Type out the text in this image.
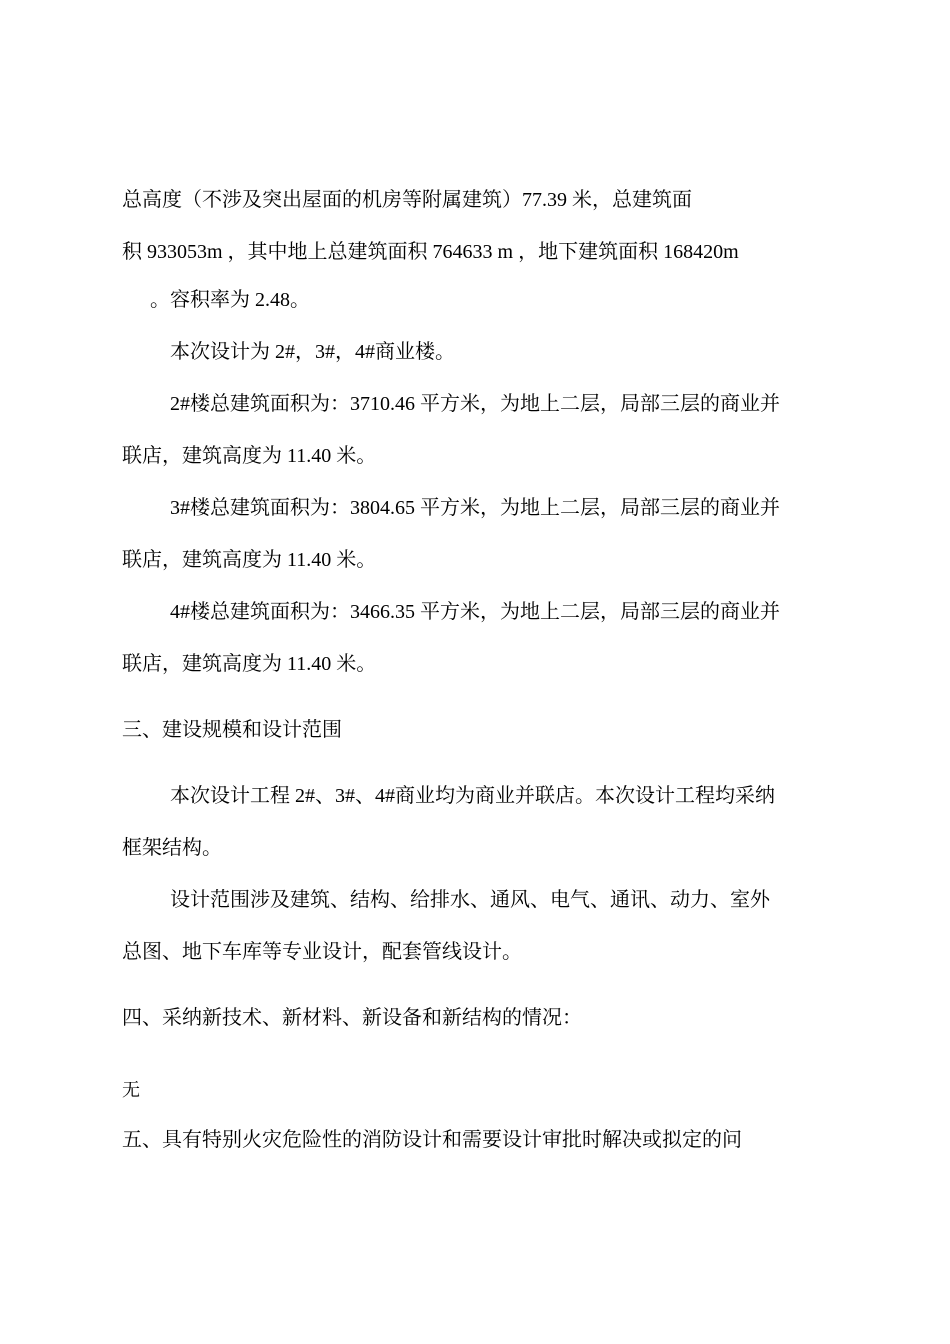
总高度（不涉及突出屋面的机房等附属建筑）77.39 米，总建筑面
积 933053m ，其中地上总建筑面积 764633 m ，地下建筑面积 168420m
。容积率为 2.48。
本次设计为 2#，3#，4#商业楼。
2#楼总建筑面积为：3710.46 平方米，为地上二层，局部三层的商业并
联店，建筑高度为 11.40 米。
3#楼总建筑面积为：3804.65 平方米，为地上二层，局部三层的商业并
联店，建筑高度为 11.40 米。
4#楼总建筑面积为：3466.35 平方米，为地上二层，局部三层的商业并
联店，建筑高度为 11.40 米。
三、建设规模和设计范围
本次设计工程 2#、3#、4#商业均为商业并联店。本次设计工程均采纳
框架结构。
设计范围涉及建筑、结构、给排水、通风、电气、通讯、动力、室外
总图、地下车库等专业设计，配套管线设计。
四、采纳新技术、新材料、新设备和新结构的情况：
无
五、具有特别火灾危险性的消防设计和需要设计审批时解决或拟定的问
